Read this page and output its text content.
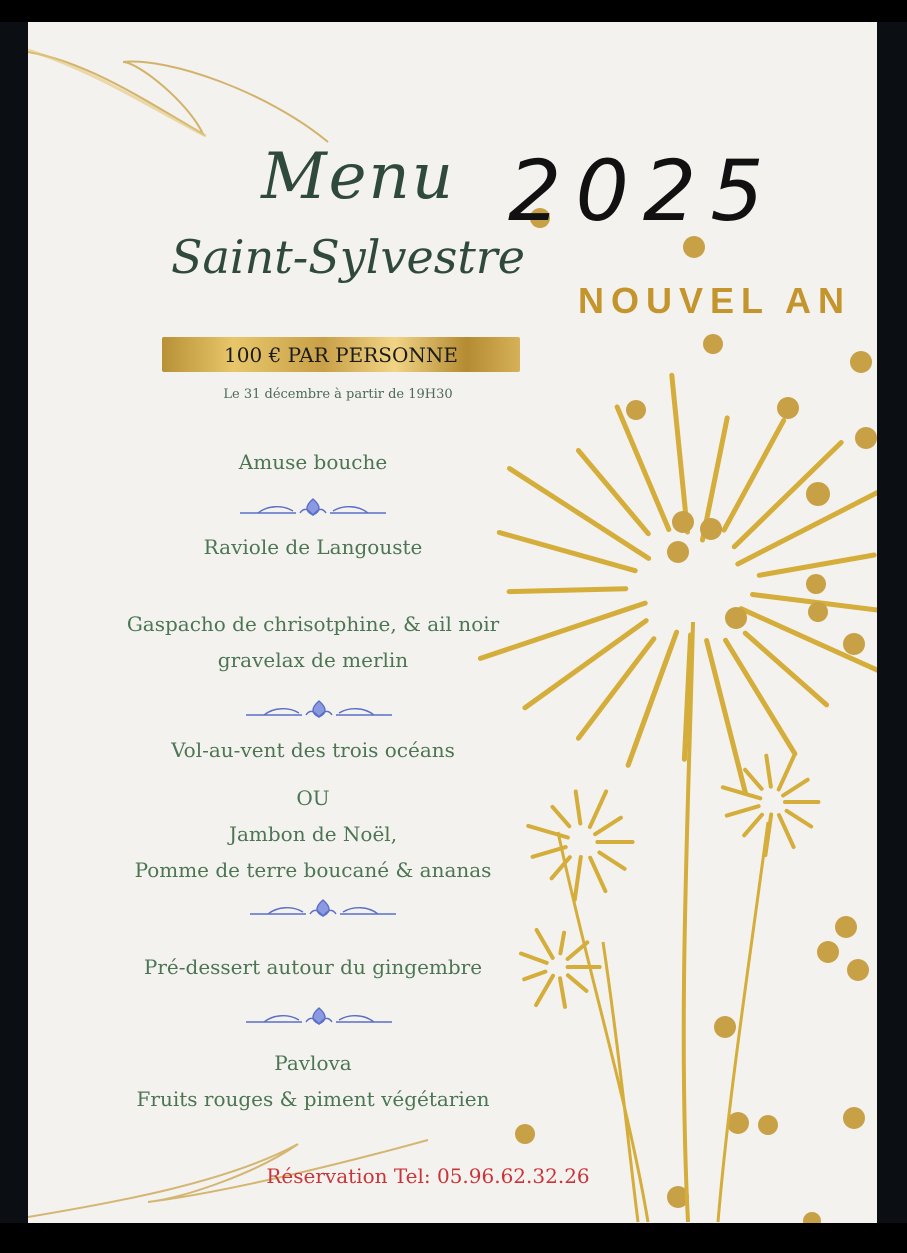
Menu
Saint-Sylvestre
2025
NOUVEL AN
100 € PAR PERSONNE
Le 31 décembre à partir de 19H30
Amuse bouche
Raviole de Langouste
Gaspacho de chrisotphine, & ail noir
gravelax de merlin
Vol-au-vent des trois océans
OU
Jambon de Noël,
Pomme de terre boucané & ananas
Pré-dessert autour du gingembre
Pavlova
Fruits rouges & piment végétarien
Réservation Tel: 05.96.62.32.26
